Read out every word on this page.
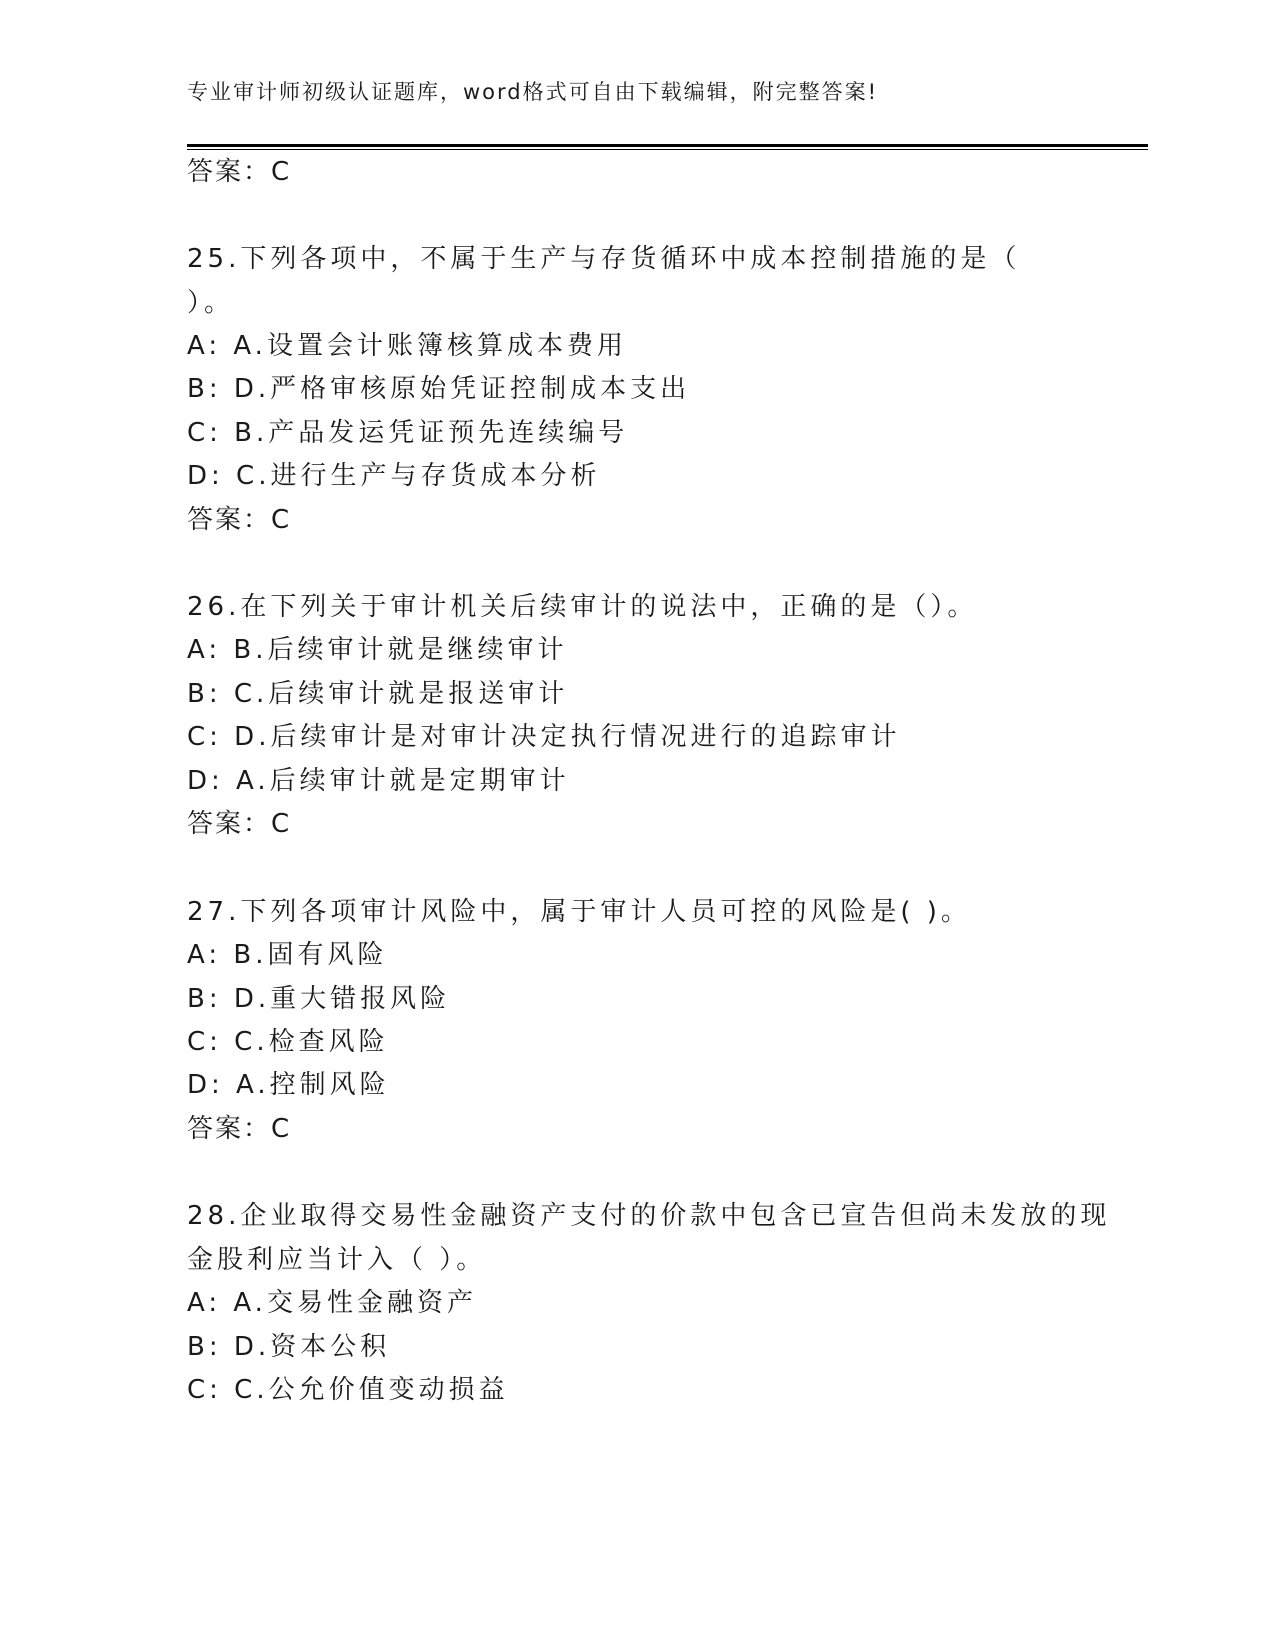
专业审计师初级认证题库，word格式可自由下载编辑，附完整答案!
答案：C
25.下列各项中，不属于生产与存货循环中成本控制措施的是（
）。
A: A.设置会计账簿核算成本费用
B: D.严格审核原始凭证控制成本支出
C: B.产品发运凭证预先连续编号
D: C.进行生产与存货成本分析
答案：C
26.在下列关于审计机关后续审计的说法中，正确的是（）。
A: B.后续审计就是继续审计
B: C.后续审计就是报送审计
C: D.后续审计是对审计决定执行情况进行的追踪审计
D: A.后续审计就是定期审计
答案：C
27.下列各项审计风险中，属于审计人员可控的风险是( )。
A: B.固有风险
B: D.重大错报风险
C: C.检查风险
D: A.控制风险
答案：C
28.企业取得交易性金融资产支付的价款中包含已宣告但尚未发放的现
金股利应当计入（ ）。
A: A.交易性金融资产
B: D.资本公积
C: C.公允价值变动损益
